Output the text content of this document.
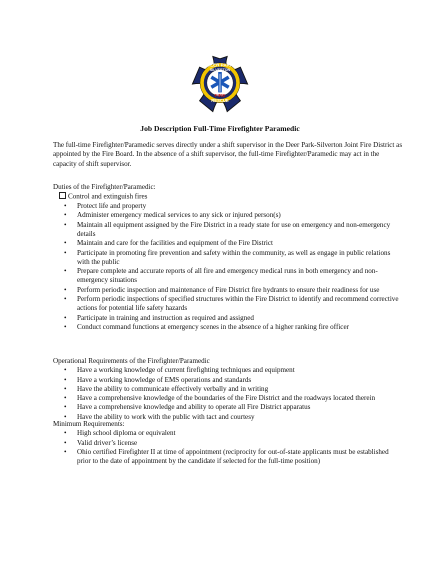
DEER PARK
SILVERTON
FIRE
RESCUE
Job Description Full-Time Firefighter Paramedic
The full-time Firefighter/Paramedic serves directly under a shift supervisor in the Deer Park-Silverton Joint Fire District as appointed by the Fire Board. In the absence of a shift supervisor, the full-time Firefighter/Paramedic may act in the capacity of shift supervisor.

Duties of the Firefighter/Paramedic:

Control and extinguish fires
• Protect life and property
• Administer emergency medical services to any sick or injured person(s)
• Maintain all equipment assigned by the Fire District in a ready state for use on emergency and non-emergency details
• Maintain and care for the facilities and equipment of the Fire District
• Participate in promoting fire prevention and safety within the community, as well as engage in public relations with the public
• Prepare complete and accurate reports of all fire and emergency medical runs in both emergency and non-emergency situations
• Perform periodic inspection and maintenance of Fire District fire hydrants to ensure their readiness for use
• Perform periodic inspections of specified structures within the Fire District to identify and recommend corrective actions for potential life safety hazards
• Participate in training and instruction as required and assigned
• Conduct command functions at emergency scenes in the absence of a higher ranking fire officer

Operational Requirements of the Firefighter/Paramedic

• Have a working knowledge of current firefighting techniques and equipment
• Have a working knowledge of EMS operations and standards
• Have the ability to communicate effectively verbally and in writing
• Have a comprehensive knowledge of the boundaries of the Fire District and the roadways located therein
• Have a comprehensive knowledge and ability to operate all Fire District apparatus
• Have the ability to work with the public with tact and courtesy

Minimum Requirements:

• High school diploma or equivalent
• Valid driver’s license
• Ohio certified Firefighter II at time of appointment (reciprocity for out-of-state applicants must be established prior to the date of appointment by the candidate if selected for the full-time position)
